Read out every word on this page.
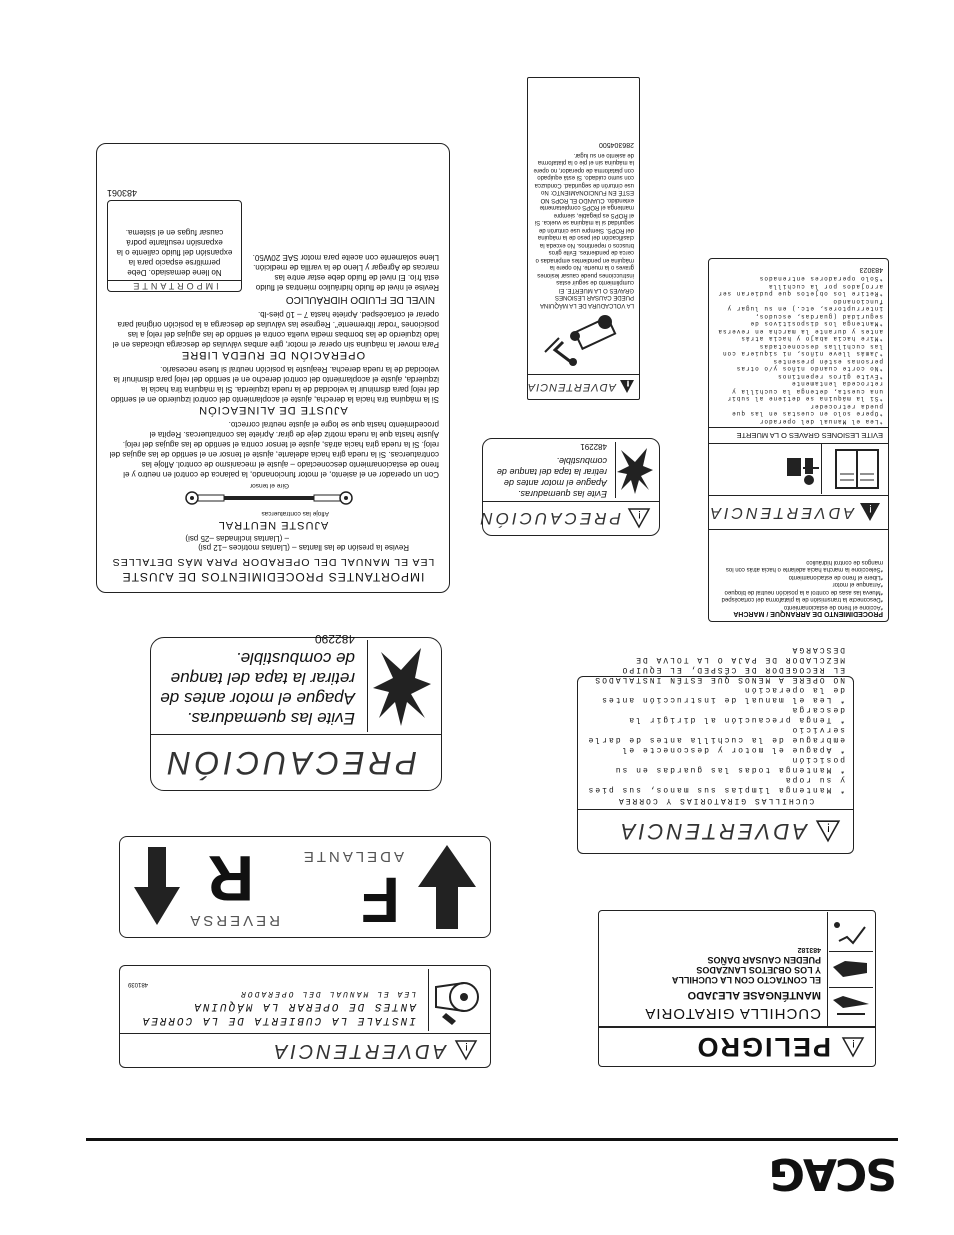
IMPORTANTES PROCEDIMIENTOS DE AJUSTE
LEA EL MANUAL DEL OPERADOR PARA MÁS DETALLES
Revise la presión de las llantas – (Llantas motrices –12 psi)
– (Llantas inclinadas –25 psi)
AJUSTE NEUTRAL
Afloje las contratuercas
Gire el tensor
Con un operador en el asiento, el motor funcionando, la palanca de control en neutro y el freno de estacionamiento desconectado – ajuste el mecanismo de control. Afloje las contratuercas. Si la rueda gira hacia adelante, ajuste el tensor en el sentido de las agujas del reloj. Si la rueda gira hacia atrás, ajuste el tensor contra el sentido de las agujas del reloj. Ajuste hasta que la rueda motriz deje de girar. Apriete las contratuercas. Repita el procedimiento hasta que se logre el ajuste neutral correcto.
AJUSTE DE ALINEACIÓN
Si la máquina tira hacia la derecha, ajuste el acoplamiento del control izquierdo en el sentido del reloj para disminuir la velocidad de la rueda izquierda. Si la máquina tira hacia la izquierda, ajuste el acoplamiento del control derecho en el sentido del reloj para disminuir la velocidad de la rueda derecha. Reajuste la posición neutral si fuese necesario.
OPERACIÓN DE RUEDA LIBRE
Para mover la máquina sin operar el motor, gire ambas válvulas de descarga ubicadas en el lado izquierdo de las bombas media vuelta contra el sentido de las agujas del reloj a las posiciones "rodar libremente". Regrese las válvulas de descarga a la posición original para operar el cortacésped. Apriete hasta 7 – 10 pies-lb.
NIVEL DE FLUIDO HIDRÁULICO
Revise el nivel de fluido hidráulico mientras el fluido está frío. El nivel de fluido debe estar entre las marcas de Agregar y Lleno de la varilla de medición. Llene solamente con aceite para motor SAE 20W50.
IMPORTANTE
No llene demasiado. Debe permitirse espacio para la expansión del fluido caliente o la expansión resultante podrá causar fugas en el sistema.
483061
!
ADVERTENCIA
LA VOLCADURA DE LA MÁQUINA PUEDE CAUSAR LESIONES GRAVES O LA MUERTE. El cumplimiento de seguir estas instrucciones puede causar lesiones graves o la muerte. No opere la máquina en pendientes empinadas o cerca de pendientes. Evite giros bruscos o repentinos. No exceda la clasificación del peso de la máquina del ROPS. Siempre use cinturón de seguridad si la máquina se vuelca. Si el ROPS es plegable, siempre mantenga el ROPS completamente extendido. CUANDO EL ROPS NO ESTÉ EN FUNCIONAMIENTO: No use cinturón de seguridad. Conduzca con sumo cuidado. Si está equipado con plataforma de operador, no opere la máquina sin el pie o la plataforma de asiento en su lugar.
286304500
!
PRECAUCIÓN
Evite las quemaduras. Apague el motor antes de retirar la tapa del tanque de combustible.
482291
PROCEDIMIENTO DE ARRANQUE / MARCHA
*Accione el freno de estacionamiento
*Desconecte la transmisión de la plataforma del cortacésped
*Mueva las asas de control a la posición neutral de bloqueo
*Arranque el motor
*Libere el freno de estacionamiento
*Seleccione la marcha hacia adelante o hacia atrás con los mangos de control hidráulico
!
ADVERTENCIA
EVITE LESIONES GRAVES O LA MUERTE
*Lea el Manual del operador
*Opere solo en cuestas en las que pueda retroceder
*Si la máquina se detiene al subir una cuesta, detenga la cuchilla y retroceda lentamente
*Evite giros repentinos
*No corte cuando niños y/o otras personas estén presentes
*Jamás lleve niños, ni siquiera con las cuchillas desconectadas
*Mire hacia abajo y hacia atrás antes y durante la marcha en reversa
*Mantenga los dispositivos de seguridad (guardas, escudos, interruptores, etc.) en su lugar y funcionando
*Retire los objetos que pudieran ser arrojados por la cuchilla
*Solo operadores entrenados
483023
PRECAUCIÓN
Evite las quemaduras. Apague el motor antes de retirar la tapa del tanque de combustible.
482290
!
ADVERTENCIA
CUCHILLAS GIRATORIAS Y CORREA
* Mantenga limpias sus manos, sus pies y su ropa
* Mantenga todas las guardas en su posición
* Apague el motor y desconecte el embrague de la cuchilla antes de darle servicio
* Tenga precaución al dirigir la descarga
* Lea el manual de instrucción antes de la operación
NO OPERE A MENOS QUE ESTÉN INSTALADOS EL RECOGEDOR DE CÉSPED, EL EQUIPO MEZCLADOR DE PAJA O LA TOLVA DE DESCARGA
F
ADELANTE
REVERSA
R
!
ADVERTENCIA
INSTALE LA CUBIERTA DE LA CORREA
ANTES DE OPERAR LA MÁQUINA
LEA EL MANUAL DEL OPERADOR
481039
!
PELIGRO
CUCHILLA GIRATORIA
MANTÉNGASE ALEJADO
EL CONTACTO CON LA CUCHILLA
Y LOS OBJETOS LANZADOS
PUEDEN CAUSAR DAÑOS
483182
SCAG
